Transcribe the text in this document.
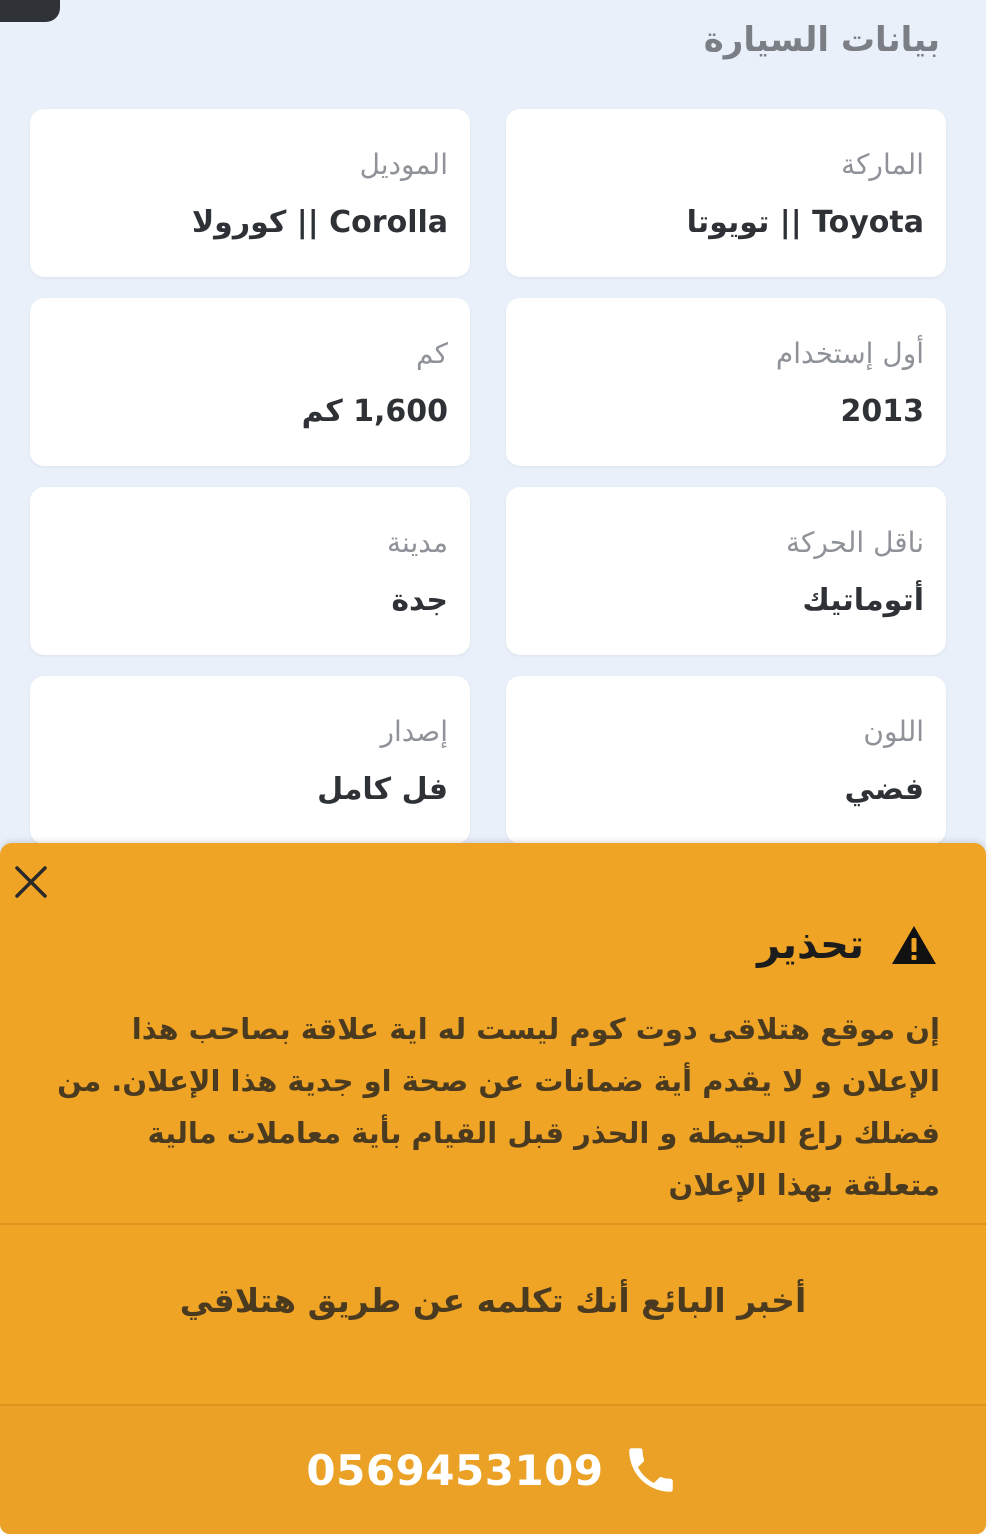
بيانات السيارة
الماركة
Toyota || تويوتا
الموديل
Corolla || كورولا
أول إستخدام
2013
كم
1,600 كم
ناقل الحركة
أتوماتيك
مدينة
جدة
اللون
فضي
إصدار
فل كامل
تحذير
إن موقع هتلاقى دوت كوم ليست له اية علاقة بصاحب هذا الإعلان و لا يقدم أية ضمانات عن صحة او جدية هذا الإعلان. من فضلك راع الحيطة و الحذر قبل القيام بأية معاملات مالية متعلقة بهذا الإعلان
أخبر البائع أنك تكلمه عن طريق هتلاقي
0569453109
